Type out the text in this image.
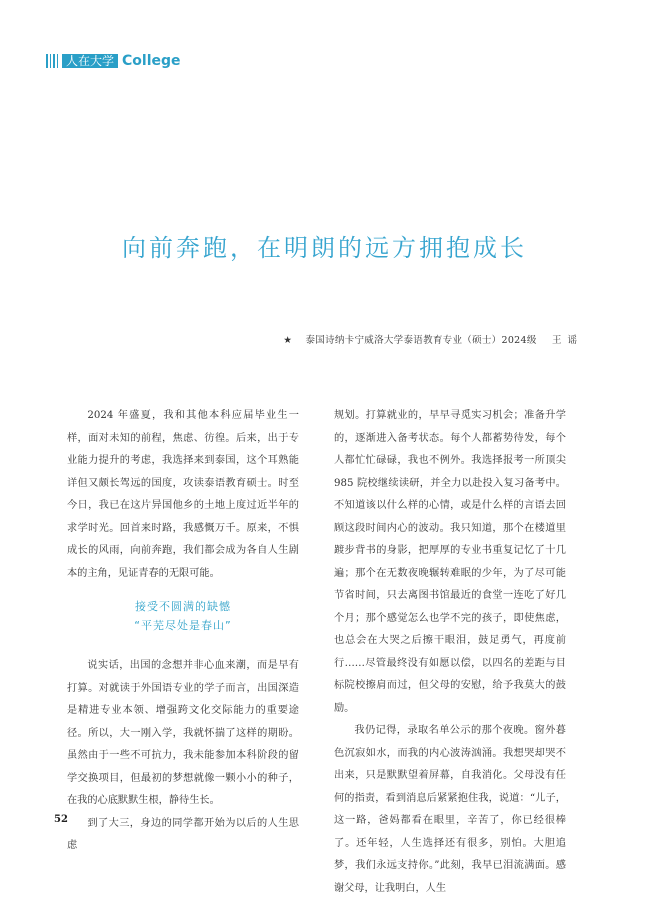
人在大学 College
向前奔跑，在明朗的远方拥抱成长
★ 泰国诗纳卡宁威洛大学泰语教育专业（硕士）2024级 王谣

2024 年盛夏，我和其他本科应届毕业生一样，面对未知的前程，焦虑、彷徨。后来，出于专业能力提升的考虑，我选择来到泰国，这个耳熟能详但又颇长驾远的国度，攻读泰语教育硕士。时至今日，我已在这片异国他乡的土地上度过近半年的求学时光。回首来时路，我感慨万千。原来，不惧成长的风雨，向前奔跑，我们都会成为各自人生剧本的主角，见证青春的无限可能。

接受不圆满的缺憾
“平芜尽处是春山”

说实话，出国的念想并非心血来潮，而是早有打算。对就读于外国语专业的学子而言，出国深造是精进专业本领、增强跨文化交际能力的重要途径。所以，大一刚入学，我就怀揣了这样的期盼。虽然由于一些不可抗力，我未能参加本科阶段的留学交换项目，但最初的梦想就像一颗小小的种子，在我的心底默默生根，静待生长。

到了大三，身边的同学都开始为以后的人生思虑

规划。打算就业的，早早寻觅实习机会；准备升学的，逐渐进入备考状态。每个人都蓄势待发，每个人都忙忙碌碌，我也不例外。我选择报考一所顶尖 985 院校继续读研，并全力以赴投入复习备考中。不知道该以什么样的心情，或是什么样的言语去回顾这段时间内心的波动。我只知道，那个在楼道里踱步背书的身影，把厚厚的专业书重复记忆了十几遍；那个在无数夜晚辗转难眠的少年，为了尽可能节省时间，只去离图书馆最近的食堂一连吃了好几个月；那个感觉怎么也学不完的孩子，即使焦虑，也总会在大哭之后擦干眼泪，鼓足勇气，再度前行……尽管最终没有如愿以偿，以四名的差距与目标院校擦肩而过，但父母的安慰，给予我莫大的鼓励。

我仍记得，录取名单公示的那个夜晚。窗外暮色沉寂如水，而我的内心波涛汹涌。我想哭却哭不出来，只是默默望着屏幕，自我消化。父母没有任何的指责，看到消息后紧紧抱住我，说道：“儿子，这一路，爸妈都看在眼里，辛苦了，你已经很棒了。还年轻，人生选择还有很多，别怕。大胆追梦，我们永远支持你。”此刻，我早已泪流满面。感谢父母，让我明白，人生

52
